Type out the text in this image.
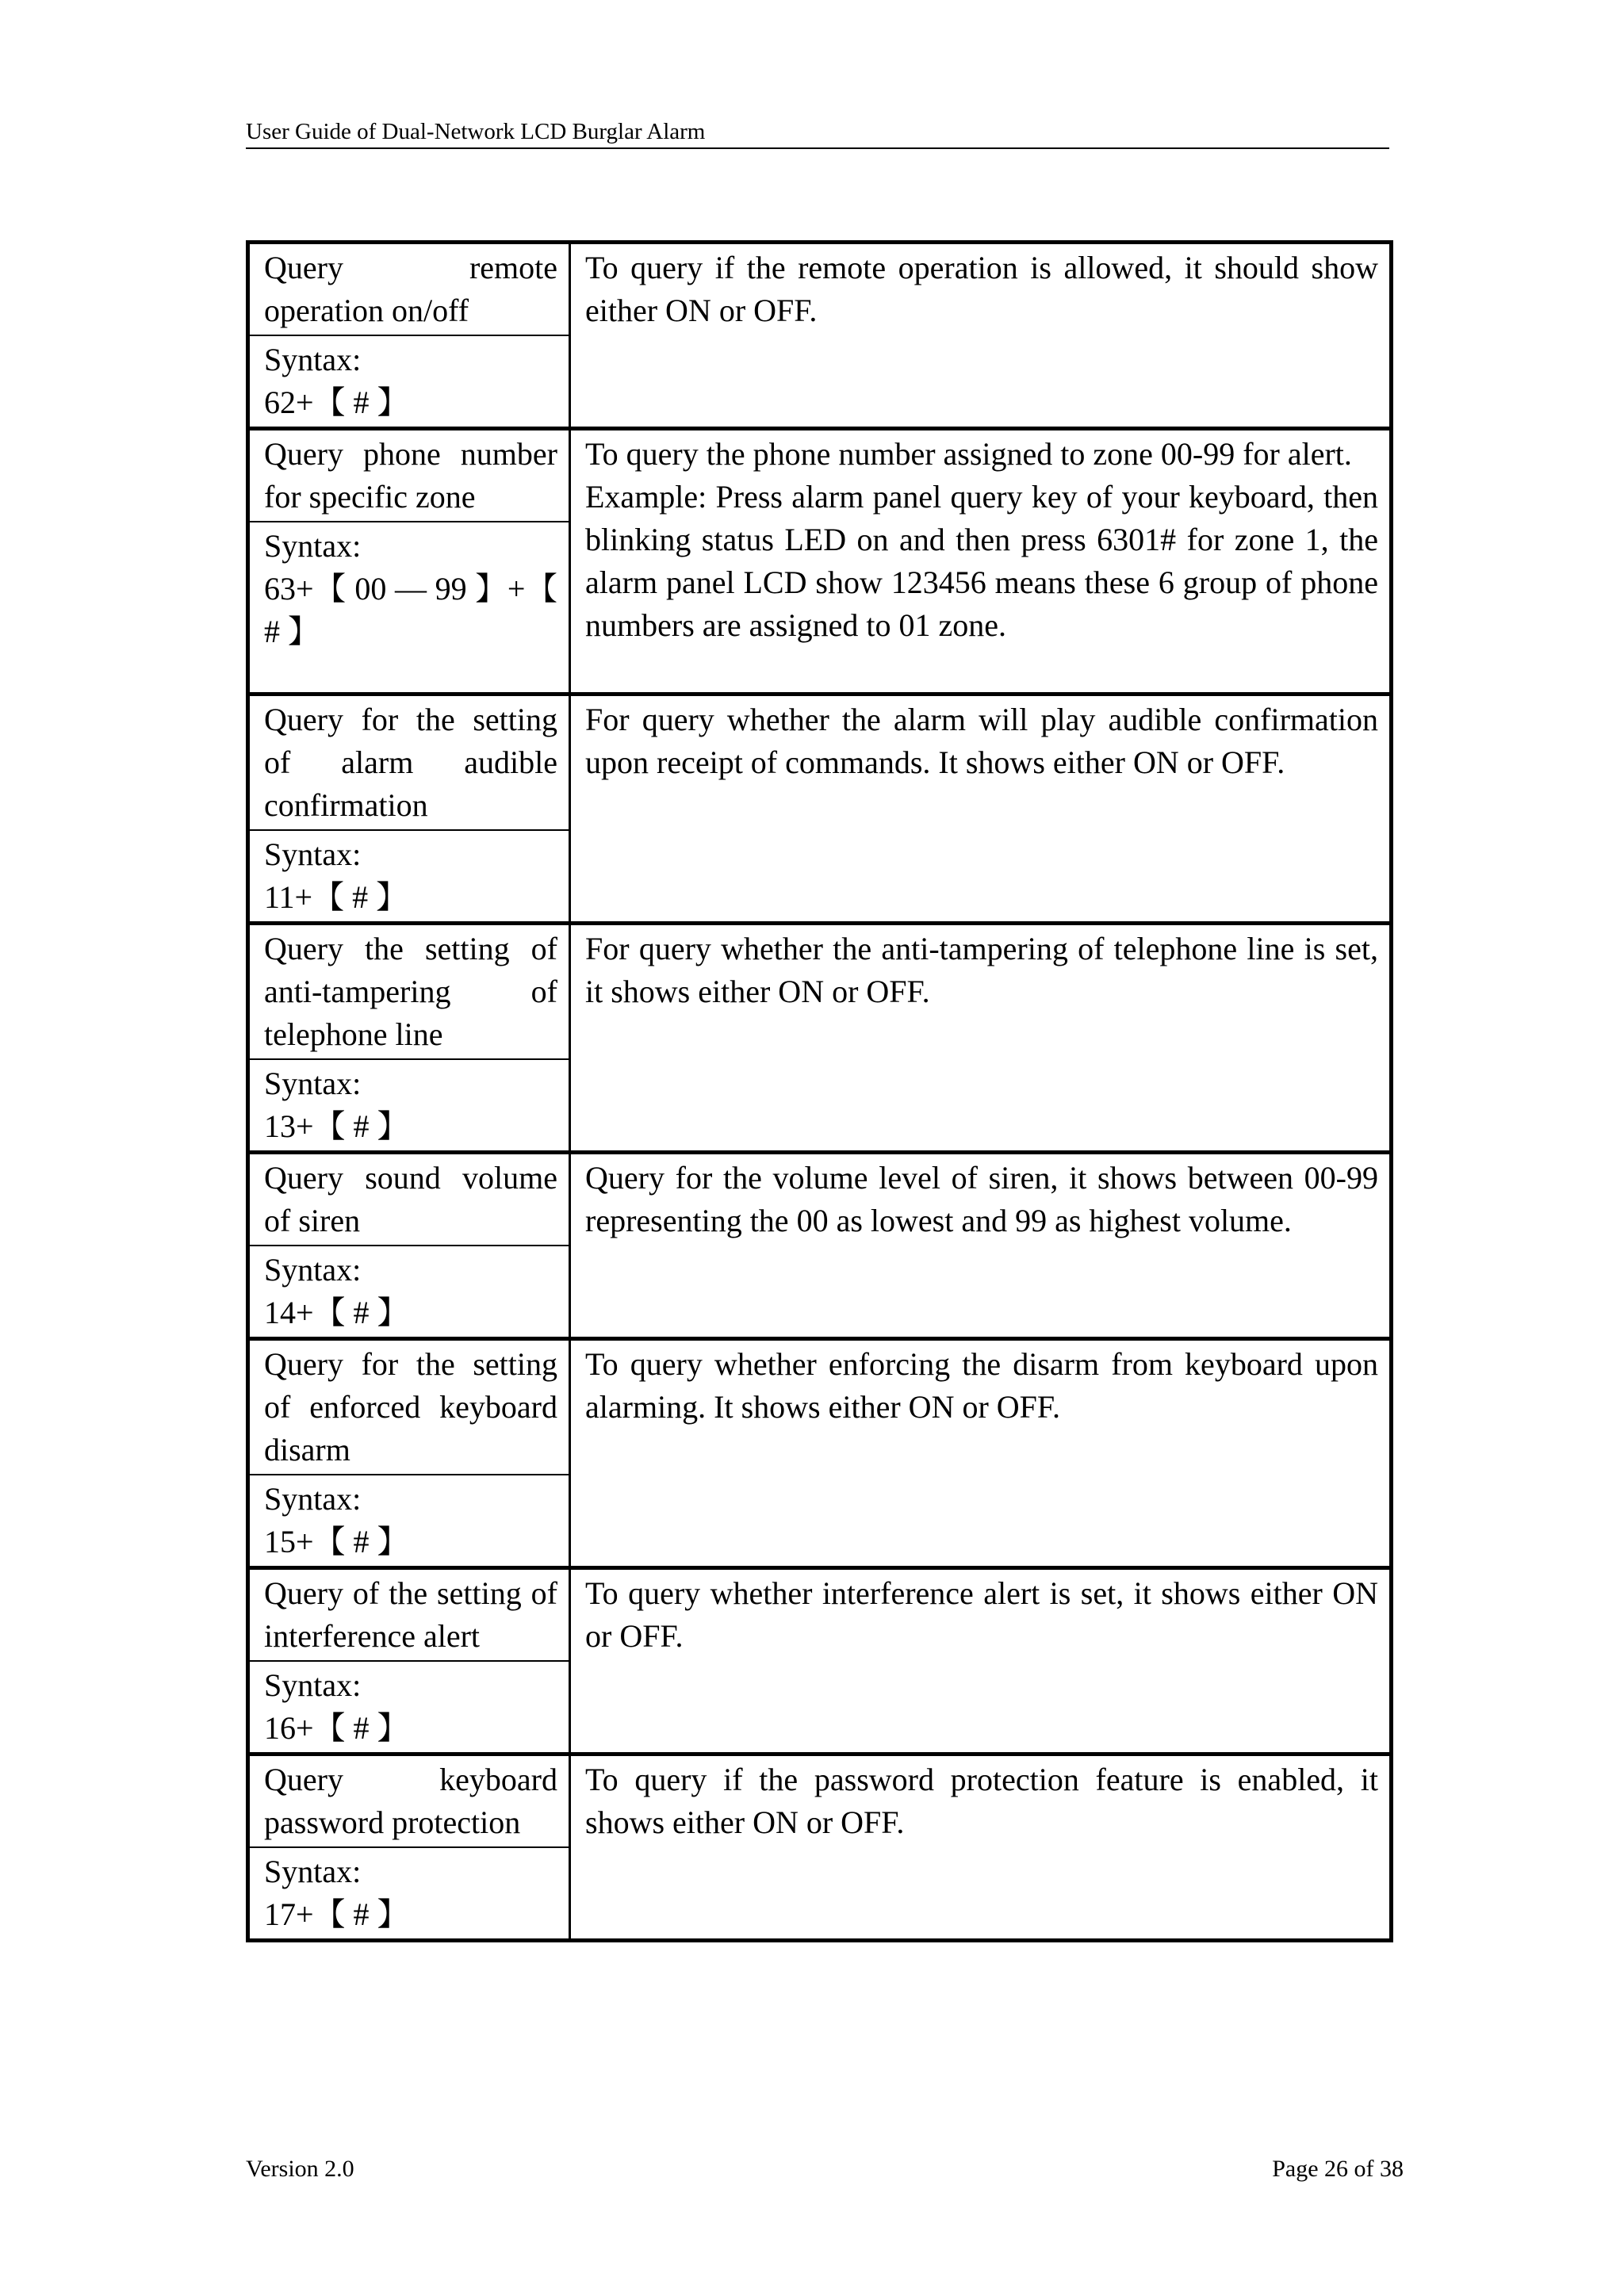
User Guide of Dual-Network LCD Burglar Alarm
Query remote operation on/off	To query if the remote operation is allowed, it should show either ON or OFF.

Syntax:
62+【 # 】	

Query phone number for specific zone	To query the phone number assigned to zone 00-99 for alert.
Example: Press alarm panel query key of your keyboard, then blinking status LED on and then press 6301# for zone 1, the alarm panel LCD show 123456 means these 6 group of phone numbers are assigned to 01 zone.

Syntax:
63+【 00 — 99 】+【 # 】	

Query for the setting of alarm audible confirmation	For query whether the alarm will play audible confirmation upon receipt of commands. It shows either ON or OFF.

Syntax:
11+【 # 】	

Query the setting of anti-tampering of telephone line	For query whether the anti-tampering of telephone line is set, it shows either ON or OFF.

Syntax:
13+【 # 】	

Query sound volume of siren	Query for the volume level of siren, it shows between 00-99 representing the 00 as lowest and 99 as highest volume.

Syntax:
14+【 # 】	

Query for the setting of enforced keyboard disarm	To query whether enforcing the disarm from keyboard upon alarming. It shows either ON or OFF.

Syntax:
15+【 # 】	

Query of the setting of interference alert	To query whether interference alert is set, it shows either ON or OFF.

Syntax:
16+【 # 】	

Query keyboard password protection	To query if the password protection feature is enabled, it shows either ON or OFF.

Syntax:
17+【 # 】	
Version 2.0	Page 26 of 38
